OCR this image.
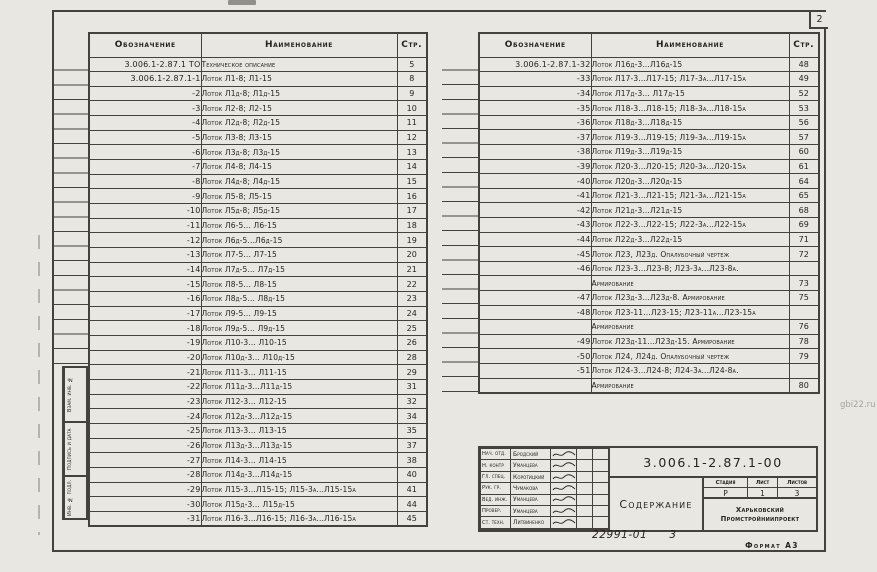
2
Обозначение	Наименование	Стр.
3.006.1-2.87.1 ТО	Техническое описание	5
3.006.1-2.87.1-1	Лоток Л1-8; Л1-15	8
-2	Лоток Л1д-8; Л1д-15	9
-3	Лоток Л2-8; Л2-15	10
-4	Лоток Л2д-8; Л2д-15	11
-5	Лоток Л3-8; Л3-15	12
-6	Лоток Л3д-8; Л3д-15	13
-7	Лоток Л4-8; Л4-15	14
-8	Лоток Л4д-8; Л4д-15	15
-9	Лоток Л5-8; Л5-15	16
-10	Лоток Л5д-8; Л5д-15	17
-11	Лоток Л6-5... Л6-15	18
-12	Лоток Л6д-5...Л6д-15	19
-13	Лоток Л7-5... Л7-15	20
-14	Лоток Л7д-5... Л7д-15	21
-15	Лоток Л8-5... Л8-15	22
-16	Лоток Л8д-5... Л8д-15	23
-17	Лоток Л9-5... Л9-15	24
-18	Лоток Л9д-5... Л9д-15	25
-19	Лоток Л10-3... Л10-15	26
-20	Лоток Л10д-3... Л10д-15	28
-21	Лоток Л11-3... Л11-15	29
-22	Лоток Л11д-3...Л11д-15	31
-23	Лоток Л12-3... Л12-15	32
-24	Лоток Л12д-3...Л12д-15	34
-25	Лоток Л13-3... Л13-15	35
-26	Лоток Л13д-3...Л13д-15	37
-27	Лоток Л14-3... Л14-15	38
-28	Лоток Л14д-3...Л14д-15	40
-29	Лоток Л15-3...Л15-15; Л15-3а...Л15-15а	41
-30	Лоток Л15д-3... Л15д-15	44
-31	Лоток Л16-3...Л16-15; Л16-3а...Л16-15а	45
Обозначение	Наименование	Стр.
3.006.1-2.87.1-32	Лоток Л16д-3...Л16д-15	48
-33	Лоток Л17-3...Л17-15; Л17-3а...Л17-15а	49
-34	Лоток Л17д-3... Л17д-15	52
-35	Лоток Л18-3...Л18-15; Л18-3а...Л18-15а	53
-36	Лоток Л18д-3...Л18д-15	56
-37	Лоток Л19-3...Л19-15; Л19-3а...Л19-15а	57
-38	Лоток Л19д-3...Л19д-15	60
-39	Лоток Л20-3...Л20-15; Л20-3а...Л20-15а	61
-40	Лоток Л20д-3...Л20д-15	64
-41	Лоток Л21-3...Л21-15; Л21-3а...Л21-15а	65
-42	Лоток Л21д-3...Л21д-15	68
-43	Лоток Л22-3...Л22-15; Л22-3а...Л22-15а	69
-44	Лоток Л22д-3...Л22д-15	71
-45	Лоток Л23, Л23д. Опалубочный чертеж	72
-46	Лоток Л23-3...Л23-8; Л23-3а...Л23-8а.	
	Армирование	73
-47	Лоток Л23д-3...Л23д-8. Армирование	75
-48	Лоток Л23-11...Л23-15; Л23-11а...Л23-15а	
	Армирование	76
-49	Лоток Л23д-11...Л23д-15. Армирование	78
-50	Лоток Л24, Л24д. Опалубочный чертеж	79
-51	Лоток Л24-3...Л24-8; Л24-3а...Л24-8а.	
	Армирование	80
Взам. инв. №
Подпись и дата
Инв. № подл.
Нач. отд.	Бродский	

Н. контр	Уманцева	

Гл. спец.	Коротицкий	

Рук. гр.	Чумакова	

Вед. инж.	Уманцева	

Провер.	Уманцева	

Ст. техн.	Литвиненко	

3.006.1-2.87.1-00
Содержание
Стадия	Лист	Листов
Р	1	3
Харьковский
Промстройниипроект
22991-01 3
Формат А3
gbi22.ru
